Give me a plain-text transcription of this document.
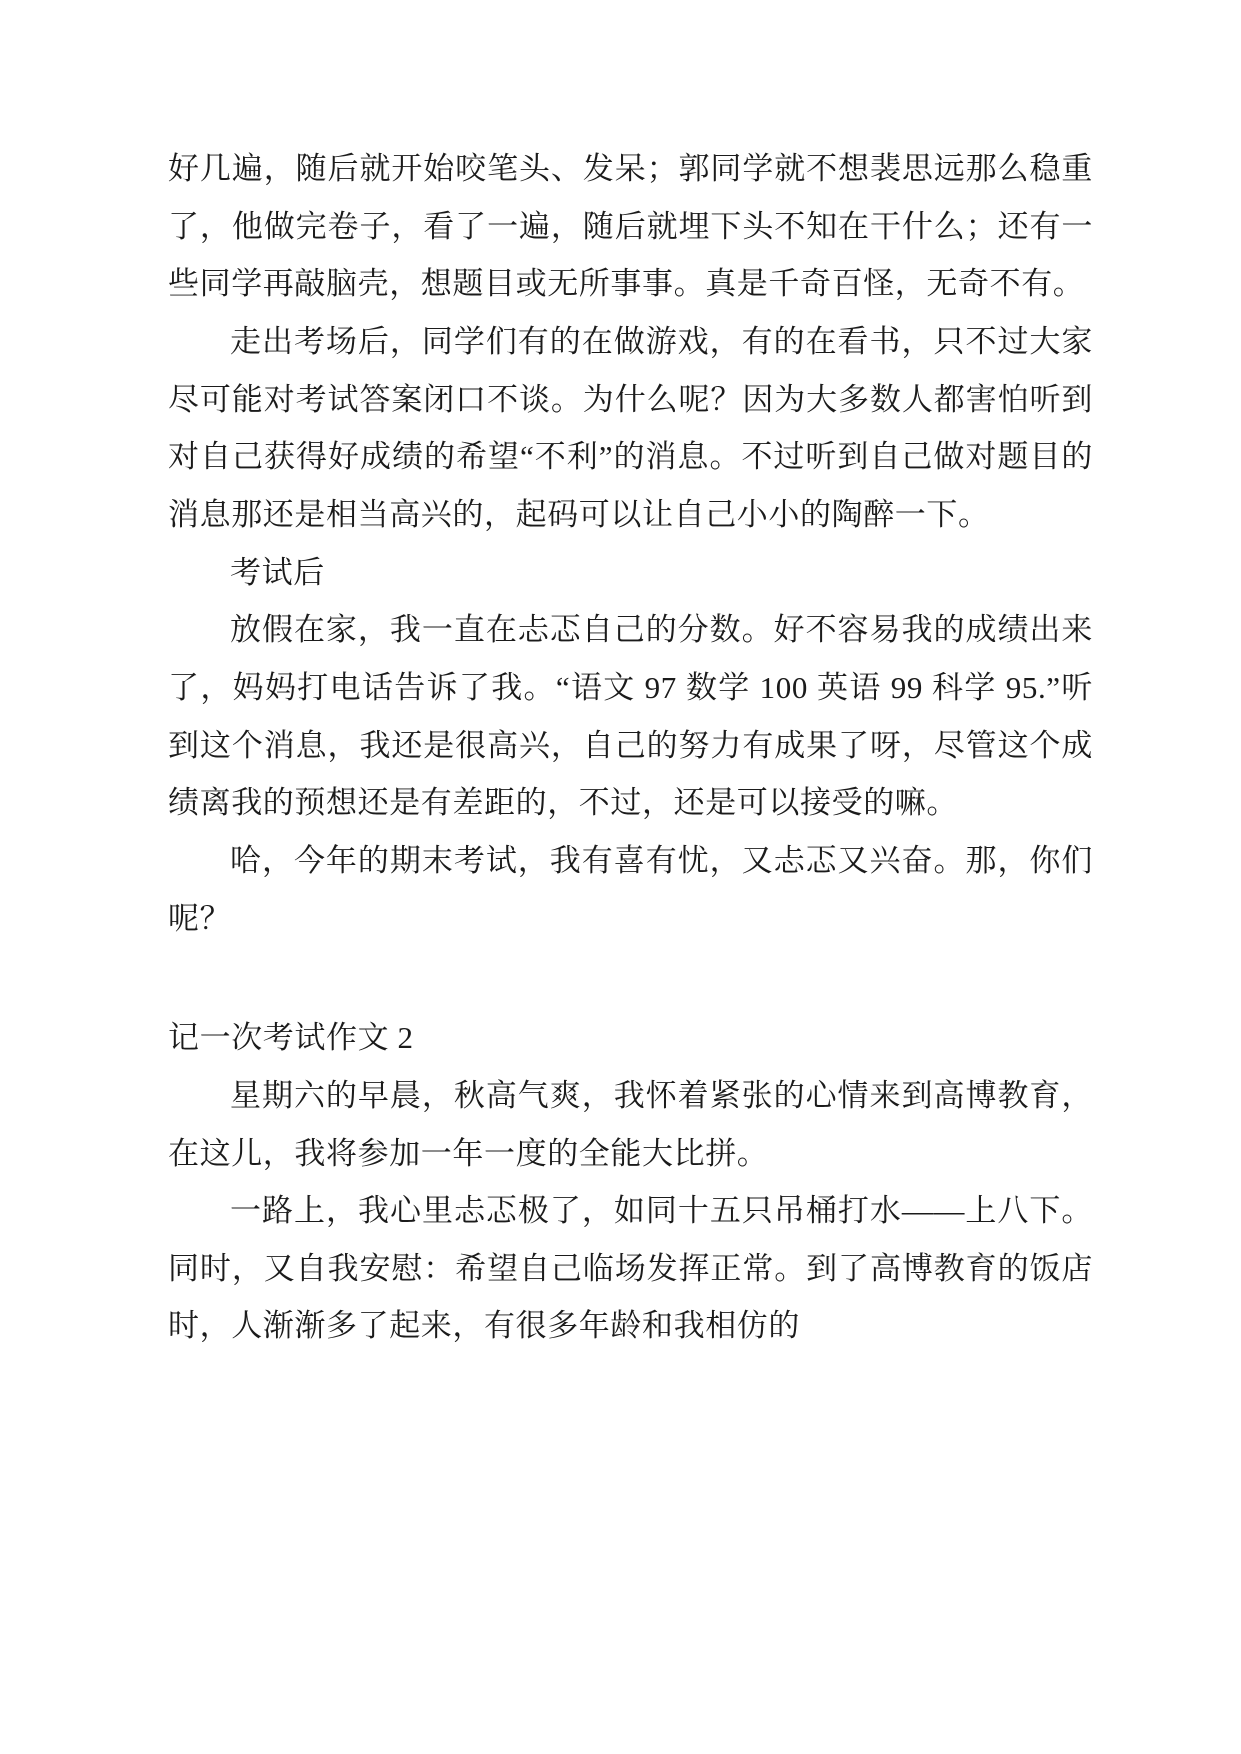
好几遍，随后就开始咬笔头、发呆；郭同学就不想裴思远那么稳重了，他做完卷子，看了一遍，随后就埋下头不知在干什么；还有一些同学再敲脑壳，想题目或无所事事。真是千奇百怪，无奇不有。

走出考场后，同学们有的在做游戏，有的在看书，只不过大家尽可能对考试答案闭口不谈。为什么呢？因为大多数人都害怕听到对自己获得好成绩的希望“不利”的消息。不过听到自己做对题目的消息那还是相当高兴的，起码可以让自己小小的陶醉一下。

考试后

放假在家，我一直在忐忑自己的分数。好不容易我的成绩出来了，妈妈打电话告诉了我。“语文 97 数学 100 英语 99 科学 95.”听到这个消息，我还是很高兴，自己的努力有成果了呀，尽管这个成绩离我的预想还是有差距的，不过，还是可以接受的嘛。

哈，今年的期末考试，我有喜有忧，又忐忑又兴奋。那，你们呢？

记一次考试作文 2

星期六的早晨，秋高气爽，我怀着紧张的心情来到高博教育，在这儿，我将参加一年一度的全能大比拼。

一路上，我心里忐忑极了，如同十五只吊桶打水——上八下。同时，又自我安慰：希望自己临场发挥正常。到了高博教育的饭店时，人渐渐多了起来，有很多年龄和我相仿的
